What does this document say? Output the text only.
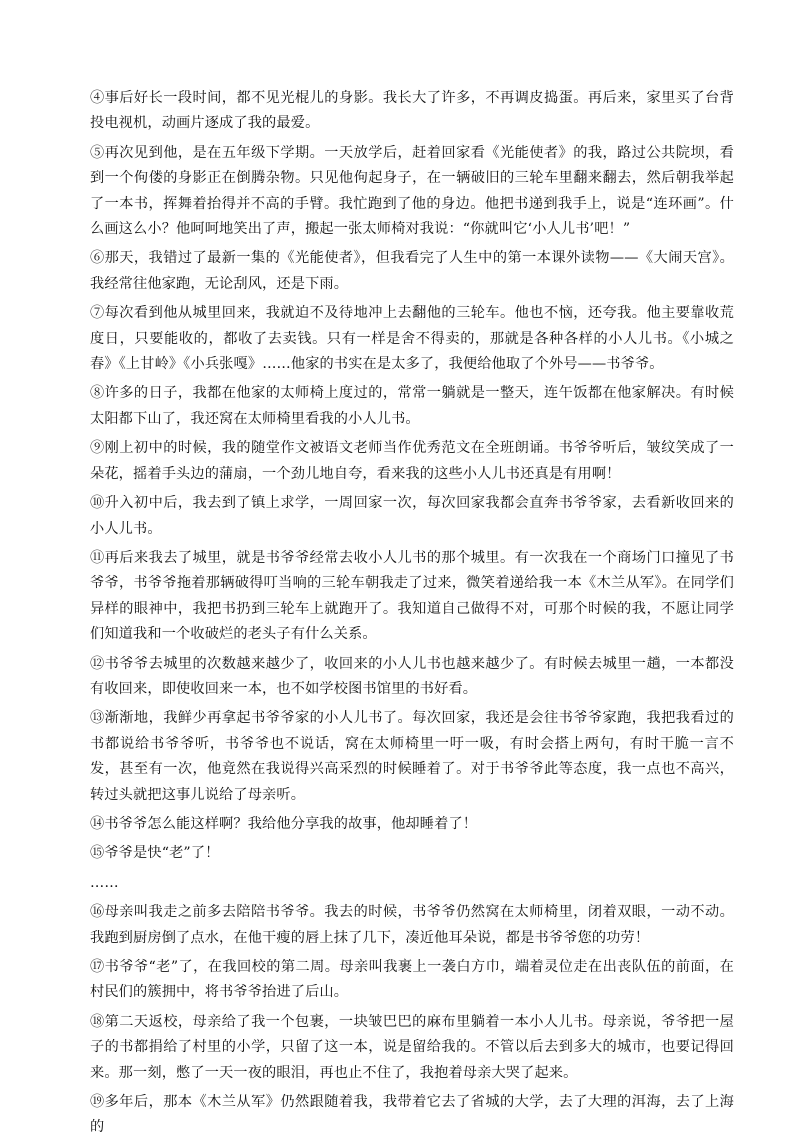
④事后好长一段时间，都不见光棍儿的身影。我长大了许多，不再调皮捣蛋。再后来，家里买了台背投电视机，动画片逐成了我的最爱。

⑤再次见到他，是在五年级下学期。一天放学后，赶着回家看《光能使者》的我，路过公共院坝，看到一个佝偻的身影正在倒腾杂物。只见他佝起身子，在一辆破旧的三轮车里翻来翻去，然后朝我举起了一本书，挥舞着抬得并不高的手臂。我忙跑到了他的身边。他把书递到我手上，说是“连环画”。什么画这么小？他呵呵地笑出了声，搬起一张太师椅对我说：“你就叫它‘小人儿书’吧！”

⑥那天，我错过了最新一集的《光能使者》，但我看完了人生中的第一本课外读物——《大闹天宫》。我经常往他家跑，无论刮风，还是下雨。

⑦每次看到他从城里回来，我就迫不及待地冲上去翻他的三轮车。他也不恼，还夸我。他主要靠收荒度日，只要能收的，都收了去卖钱。只有一样是舍不得卖的，那就是各种各样的小人儿书。《小城之春》《上甘岭》《小兵张嘎》……他家的书实在是太多了，我便给他取了个外号——书爷爷。

⑧许多的日子，我都在他家的太师椅上度过的，常常一躺就是一整天，连午饭都在他家解决。有时候太阳都下山了，我还窝在太师椅里看我的小人儿书。

⑨刚上初中的时候，我的随堂作文被语文老师当作优秀范文在全班朗诵。书爷爷听后，皱纹笑成了一朵花，摇着手头边的蒲扇，一个劲儿地自夸，看来我的这些小人儿书还真是有用啊！

⑩升入初中后，我去到了镇上求学，一周回家一次，每次回家我都会直奔书爷爷家，去看新收回来的小人儿书。

⑪再后来我去了城里，就是书爷爷经常去收小人儿书的那个城里。有一次我在一个商场门口撞见了书爷爷，书爷爷拖着那辆破得叮当响的三轮车朝我走了过来，微笑着递给我一本《木兰从军》。在同学们异样的眼神中，我把书扔到三轮车上就跑开了。我知道自己做得不对，可那个时候的我，不愿让同学们知道我和一个收破烂的老头子有什么关系。

⑫书爷爷去城里的次数越来越少了，收回来的小人儿书也越来越少了。有时候去城里一趟，一本都没有收回来，即使收回来一本，也不如学校图书馆里的书好看。

⑬渐渐地，我鲜少再拿起书爷爷家的小人儿书了。每次回家，我还是会往书爷爷家跑，我把我看过的书都说给书爷爷听，书爷爷也不说话，窝在太师椅里一吁一吸，有时会搭上两句，有时干脆一言不发，甚至有一次，他竟然在我说得兴高采烈的时候睡着了。对于书爷爷此等态度，我一点也不高兴，转过头就把这事儿说给了母亲听。

⑭书爷爷怎么能这样啊？我给他分享我的故事，他却睡着了！

⑮爷爷是快“老”了！

……

⑯母亲叫我走之前多去陪陪书爷爷。我去的时候，书爷爷仍然窝在太师椅里，闭着双眼，一动不动。我跑到厨房倒了点水，在他干瘦的唇上抹了几下，凑近他耳朵说，都是书爷爷您的功劳！

⑰书爷爷“老”了，在我回校的第二周。母亲叫我裹上一袭白方巾，端着灵位走在出丧队伍的前面，在村民们的簇拥中，将书爷爷抬进了后山。

⑱第二天返校，母亲给了我一个包裹，一块皱巴巴的麻布里躺着一本小人儿书。母亲说，爷爷把一屋子的书都捐给了村里的小学，只留了这一本，说是留给我的。不管以后去到多大的城市，也要记得回来。那一刻，憋了一天一夜的眼泪，再也止不住了，我抱着母亲大哭了起来。

⑲多年后，那本《木兰从军》仍然跟随着我，我带着它去了省城的大学，去了大理的洱海，去了上海的
